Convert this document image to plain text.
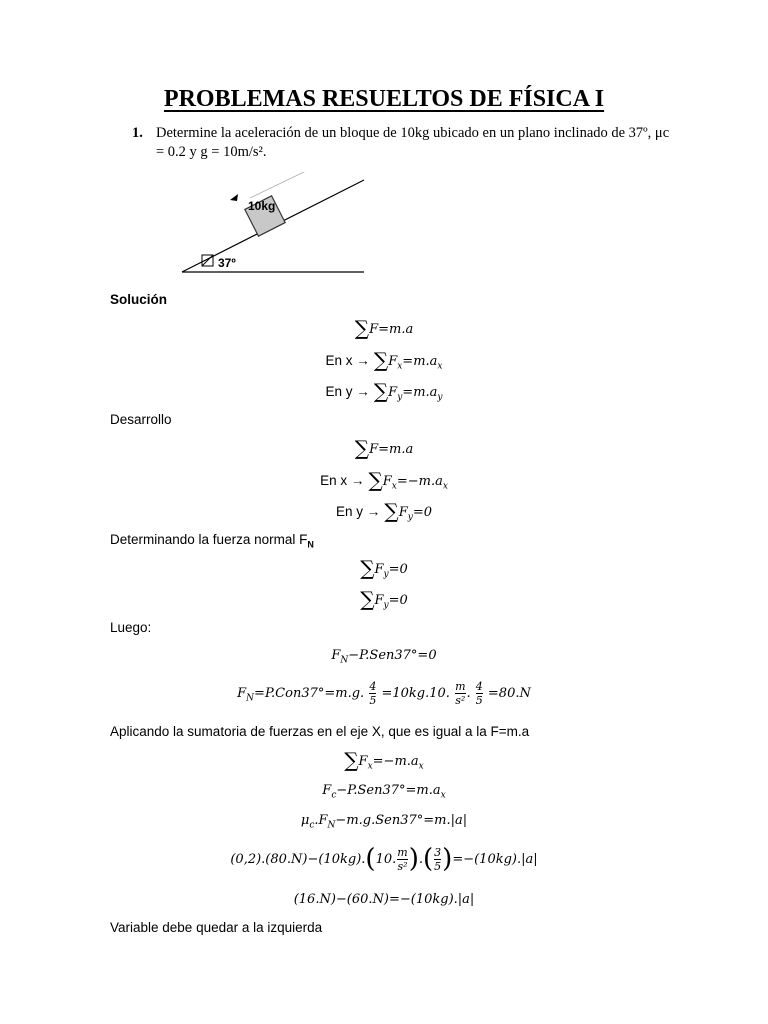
PROBLEMAS RESUELTOS DE FÍSICA I
1. Determine la aceleración de un bloque de 10kg ubicado en un plano inclinado de 37º, μc = 0.2 y g = 10m/s².
10kg
37º
Solución
∑F=m.a
En $x \to \sum F_x=m.a_x$
En $y \to \sum F_y=m.a_y$
Desarrollo
∑F=m.a
En $x \to \sum F_x=-m.a_x$
En $y \to \sum F_y=0$
Determinando la fuerza normal $F_N$
$\sum F_y=0$
$\sum F_y=0$
Luego:
$F_N-P.Sen37^\circ=0$
$F_N=P.Con37^\circ=m.g$. $\frac{4}{5} =10kg.10$. $\frac{m}{\text{s²}}$ . $\frac{4}{5} =80.N$
Aplicando la sumatoria de fuerzas en el eje X, que es igual a la F=m.a
$\sum F_x=-m.a_x$
$F_c-P.Sen37^\circ=m.a_x$
$\mu_c.F_N-m.g.Sen37^\circ=m.|a|$
(0,2).(80.N)−(10kg).(10. $\frac{m}{\text{s²}}$ ).( $\frac{3}{5} )=-(10kg).|a|$
(16.N)−(60.N)=−(10kg).|a|
Variable debe quedar a la izquierda
